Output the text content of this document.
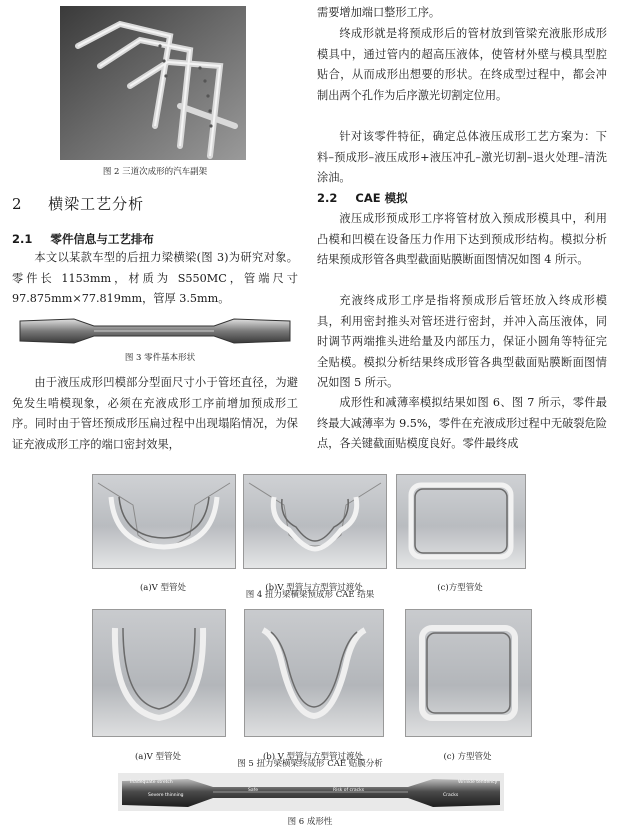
图 2 三道次成形的汽车副架

2 横梁工艺分析
2.1 零件信息与工艺排布

本文以某款车型的后扭力梁横梁(图 3)为研究对象。零件长 1153mm，材质为 S550MC，管端尺寸 97.875mm×77.819mm，管厚 3.5mm。

图 3 零件基本形状

由于液压成形凹模部分型面尺寸小于管坯直径，为避免发生啃模现象，必须在充液成形工序前增加预成形工序。同时由于管坯预成形压扁过程中出现塌陷情况，为保证充液成形工序的端口密封效果，

需要增加端口整形工序。

终成形就是将预成形后的管材放到管梁充液胀形成形模具中，通过管内的超高压液体，使管材外壁与模具型腔贴合，从而成形出想要的形状。在终成型过程中，都会冲制出两个孔作为后序激光切割定位用。

针对该零件特征，确定总体液压成形工艺方案为：下料–预成形–液压成形+液压冲孔–激光切割–退火处理–清洗涂油。

2.2 CAE 模拟

液压成形预成形工序将管材放入预成形模具中，利用凸模和凹模在设备压力作用下达到预成形结构。模拟分析结果预成形管各典型截面贴膜断面图情况如图 4 所示。

充液终成形工序是指将预成形后管坯放入终成形模具，利用密封推头对管坯进行密封，并冲入高压液体，同时调节两端推头进给量及内部压力，保证小圆角等特征完全贴模。模拟分析结果终成形管各典型截面贴膜断面图情况如图 5 所示。

成形性和减薄率模拟结果如图 6、图 7 所示，零件最终最大减薄率为 9.5%，零件在充液成形过程中无破裂危险点，各关键截面贴模度良好。零件最终成

(a)V 型管处	(b)V 型管与方型管过渡处	(c)方型管处

图 4 扭力梁横梁预成形 CAE 结果

(a)V 型管处	(b) V 型管与方型管过渡处	(c) 方型管处

图 5 扭力梁横梁终成形 CAE 贴膜分析

Inadequate stretch
Severe thinning
Safe	Risk of cracks
Cracks
Wrinkle tendency

图 6 成形性
